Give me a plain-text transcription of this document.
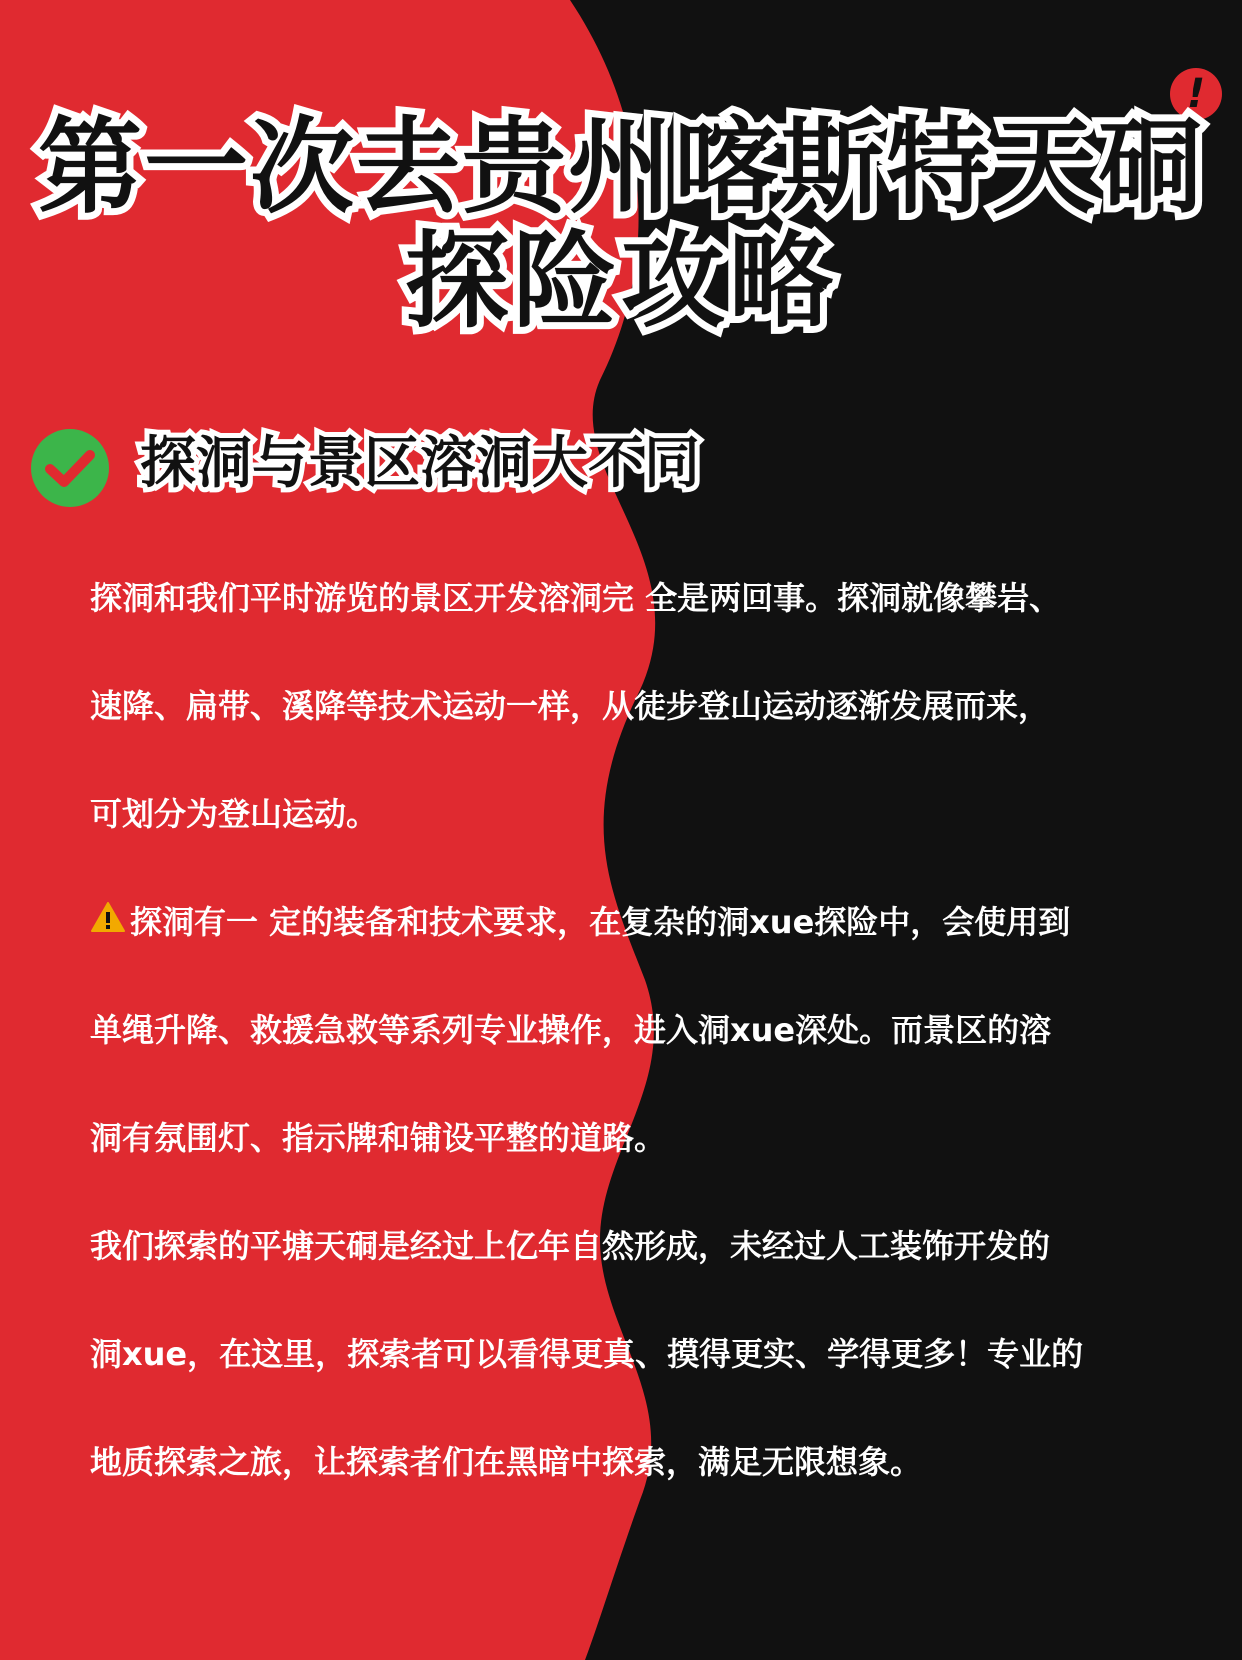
!
第一次去贵州喀斯特天硐
探险攻略
探洞与景区溶洞大不同
探洞和我们平时游览的景区开发溶洞完 全是两回事。探洞就像攀岩、
速降、扁带、溪降等技术运动一样，从徒步登山运动逐渐发展而来，
可划分为登山运动。
探洞有一 定的装备和技术要求，在复杂的洞xue探险中，会使用到
单绳升降、救援急救等系列专业操作，进入洞xue深处。而景区的溶
洞有氛围灯、指示牌和铺设平整的道路。
我们探索的平塘天硐是经过上亿年自然形成，未经过人工装饰开发的
洞xue，在这里，探索者可以看得更真、摸得更实、学得更多！专业的
地质探索之旅，让探索者们在黑暗中探索，满足无限想象。
